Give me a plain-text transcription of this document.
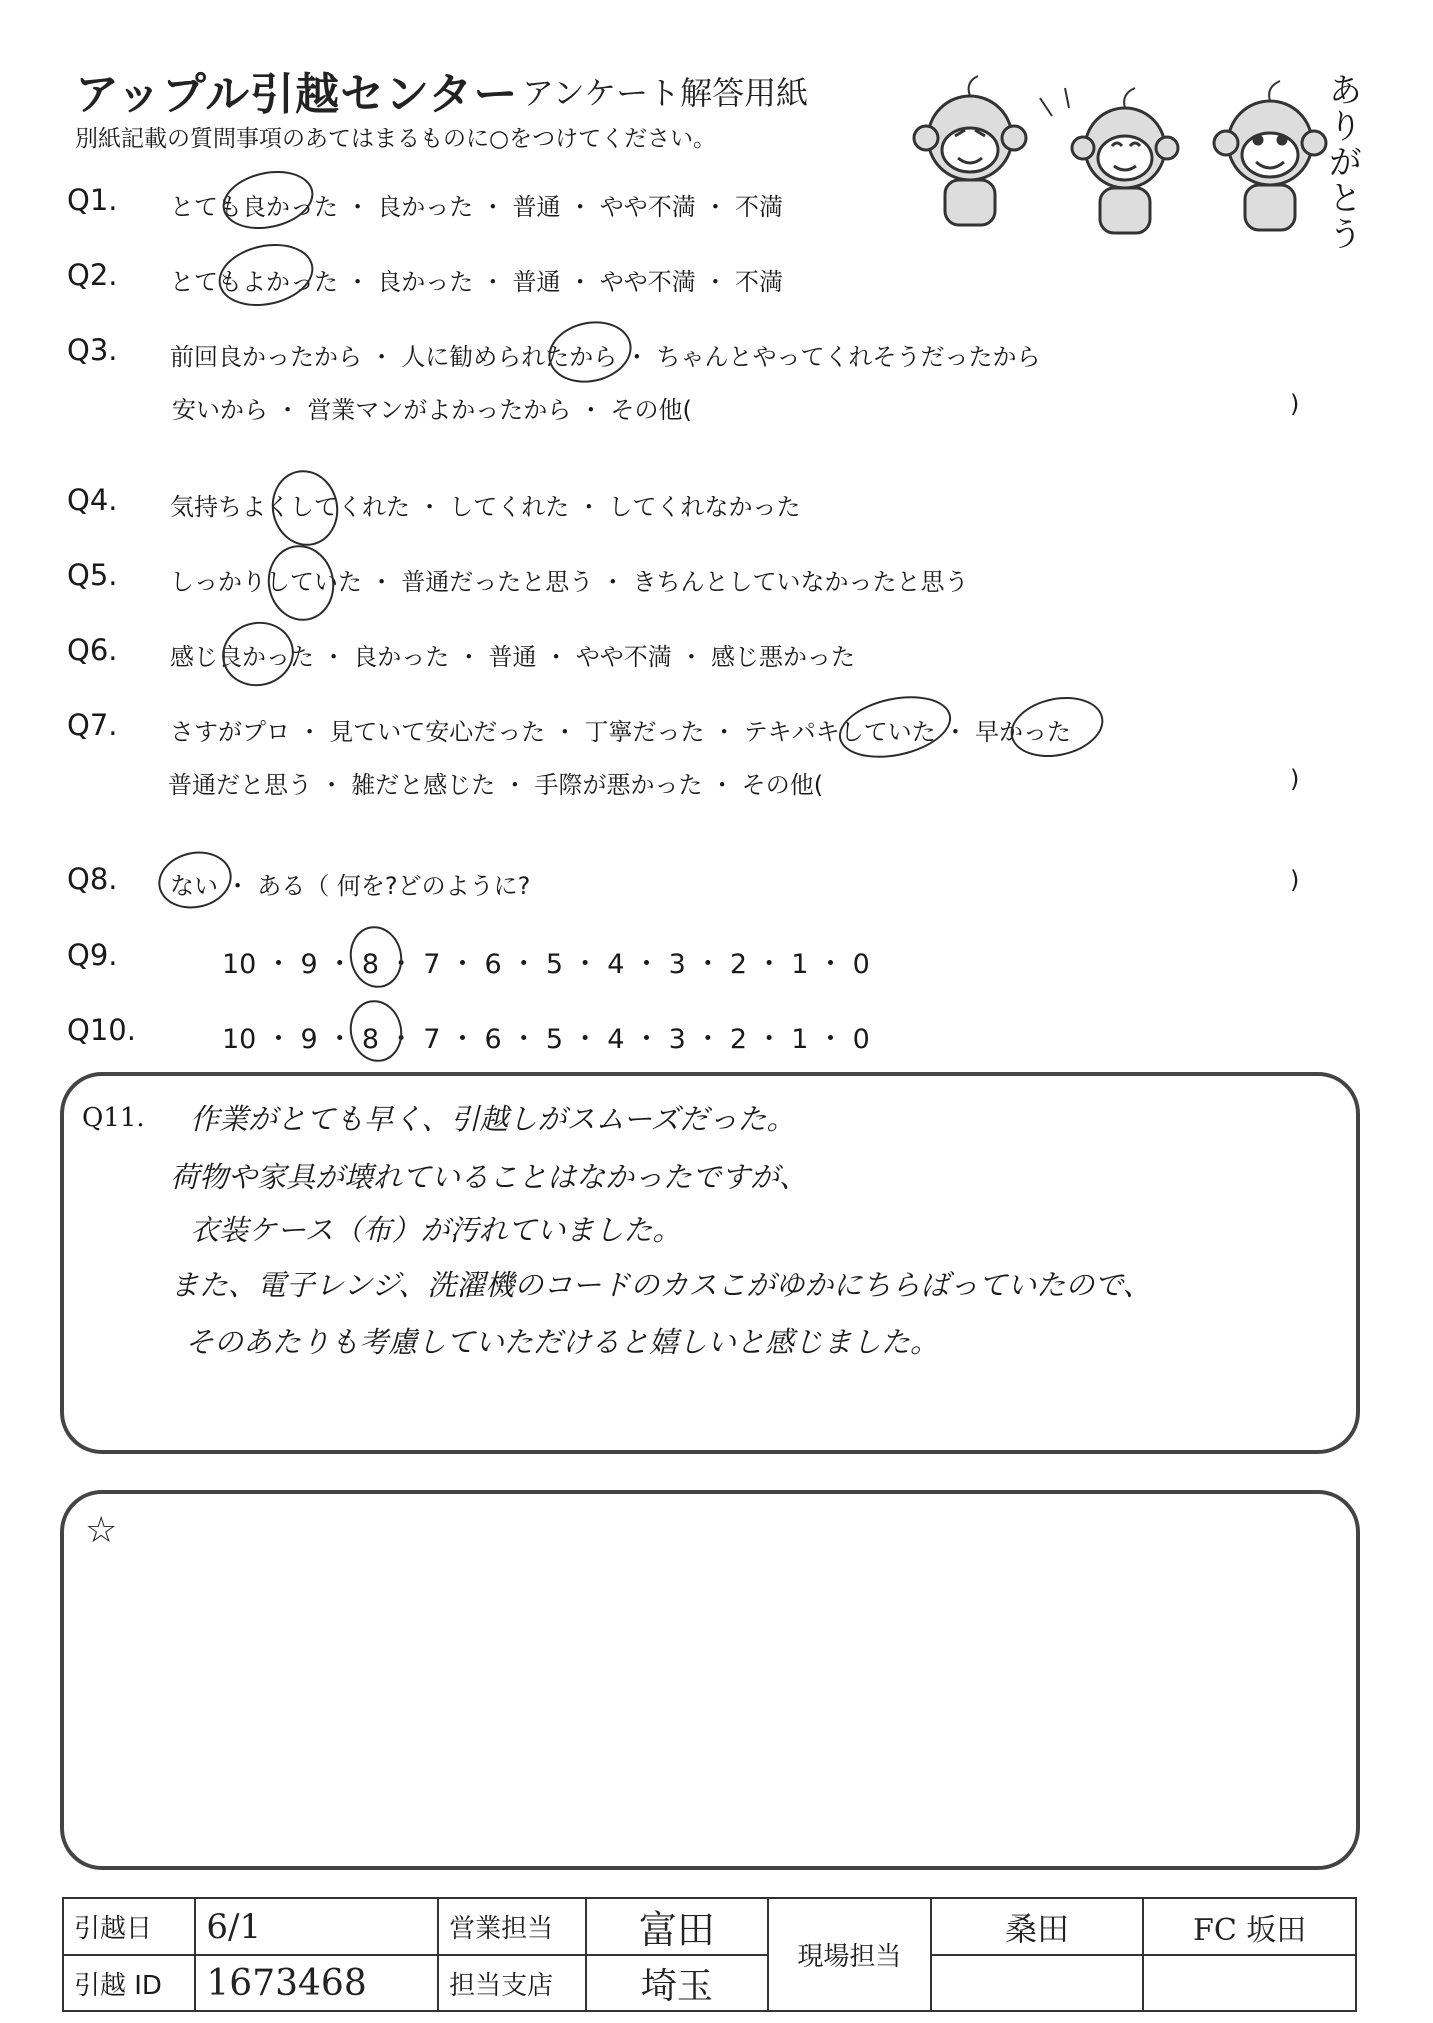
アップル引越センター アンケート解答用紙
別紙記載の質問事項のあてはまるものに○をつけてください。	ありがとう
Q1. とても良かった ・ 良かった ・ 普通 ・ やや不満 ・ 不満
Q2. とてもよかった ・ 良かった ・ 普通 ・ やや不満 ・ 不満
Q3. 前回良かったから ・ 人に勧められたから ・ ちゃんとやってくれそうだったから
安いから ・ 営業マンがよかったから ・ その他(	)
Q4. 気持ちよくしてくれた ・ してくれた ・ してくれなかった
Q5. しっかりしていた ・ 普通だったと思う ・ きちんとしていなかったと思う
Q6. 感じ良かった ・ 良かった ・ 普通 ・ やや不満 ・ 感じ悪かった
Q7. さすがプロ ・ 見ていて安心だった ・ 丁寧だった ・ テキパキしていた ・ 早かった
普通だと思う ・ 雑だと感じた ・ 手際が悪かった ・ その他(	)
Q8. ない ・ ある（ 何を?どのように?	)
Q9.	10 ・ 9 ・ 8 ・ 7 ・ 6 ・ 5 ・ 4 ・ 3 ・ 2 ・ 1 ・ 0
Q10.	10 ・ 9 ・ 8 ・ 7 ・ 6 ・ 5 ・ 4 ・ 3 ・ 2 ・ 1 ・ 0
Q11. 作業がとても早く、引越しがスムーズだった。
荷物や家具が壊れていることはなかったですが、
衣装ケース（布）が汚れていました。
また、電子レンジ、洗濯機のコードのカスこがゆかにちらばっていたので、
そのあたりも考慮していただけると嬉しいと感じました。
☆
引越日	6/1	営業担当	富田	現場担当	桑田	FC 坂田
引越 ID	1673468	担当支店	埼玉			
